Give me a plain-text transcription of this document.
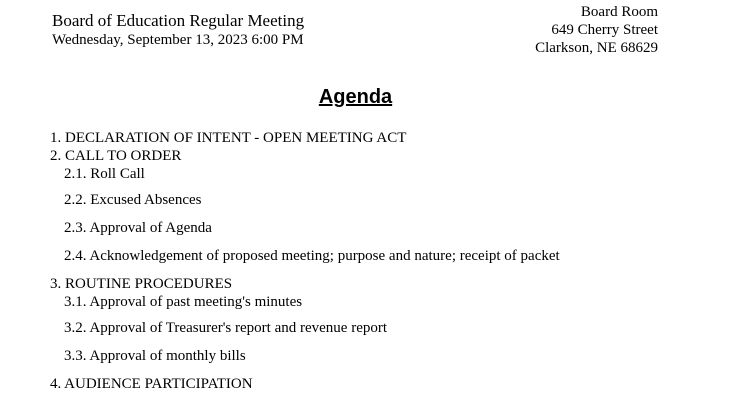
Board of Education Regular Meeting
Wednesday, September 13, 2023 6:00 PM
Board Room
649 Cherry Street
Clarkson, NE 68629
Agenda
1. DECLARATION OF INTENT - OPEN MEETING ACT
2. CALL TO ORDER
2.1. Roll Call
2.2. Excused Absences
2.3. Approval of Agenda
2.4. Acknowledgement of proposed meeting; purpose and nature; receipt of packet
3. ROUTINE PROCEDURES
3.1. Approval of past meeting's minutes
3.2. Approval of Treasurer's report and revenue report
3.3. Approval of monthly bills
4. AUDIENCE PARTICIPATION
